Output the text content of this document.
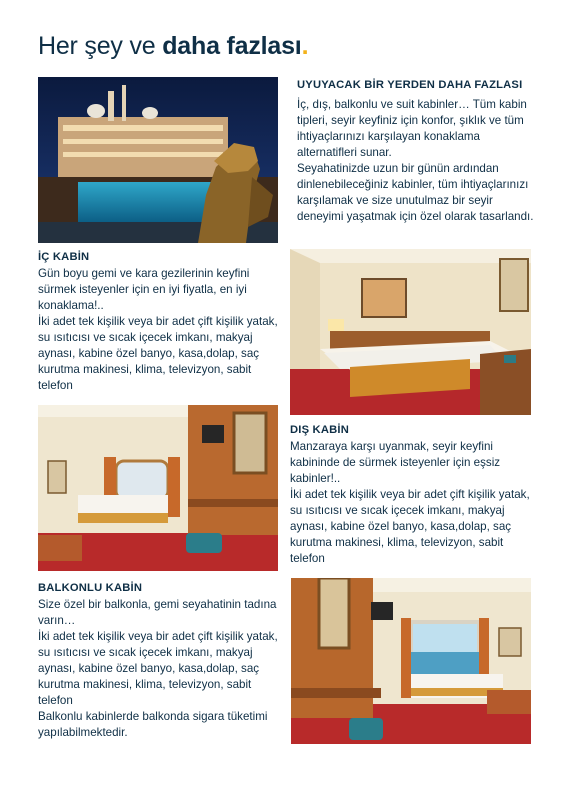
Her şey ve daha fazlası.
UYUYACAK BİR YERDEN DAHA FAZLASI

İç, dış, balkonlu ve suit kabinler… Tüm kabin tipleri, seyir keyfiniz için konfor, şıklık ve tüm ihtiyaçlarınızı karşılayan konaklama alternatifleri sunar.

Seyahatinizde uzun bir günün ardından dinlenebileceğiniz kabinler, tüm ihtiyaçlarınızı karşılamak ve size unutulmaz bir seyir deneyimi yaşatmak için özel olarak tasarlandı.

İÇ KABİN

Gün boyu gemi ve kara gezilerinin keyfini sürmek isteyenler için en iyi fiyatla, en iyi konaklama!..

İki adet tek kişilik veya bir adet çift kişilik yatak, su ısıtıcısı ve sıcak içecek imkanı, makyaj aynası, kabine özel banyo, kasa,dolap, saç kurutma makinesi, klima, televizyon, sabit telefon

DIŞ KABİN

Manzaraya karşı uyanmak, seyir keyfini kabininde de sürmek isteyenler için eşsiz kabinler!..

İki adet tek kişilik veya bir adet çift kişilik yatak, su ısıtıcısı ve sıcak içecek imkanı, makyaj aynası, kabine özel banyo, kasa,dolap, saç kurutma makinesi, klima, televizyon, sabit telefon

BALKONLU KABİN

Size özel bir balkonla, gemi seyahatinin tadına varın…

İki adet tek kişilik veya bir adet çift kişilik yatak, su ısıtıcısı ve sıcak içecek imkanı, makyaj aynası, kabine özel banyo, kasa,dolap, saç kurutma makinesi, klima, televizyon, sabit telefon

Balkonlu kabinlerde balkonda sigara tüketimi yapılabilmektedir.
